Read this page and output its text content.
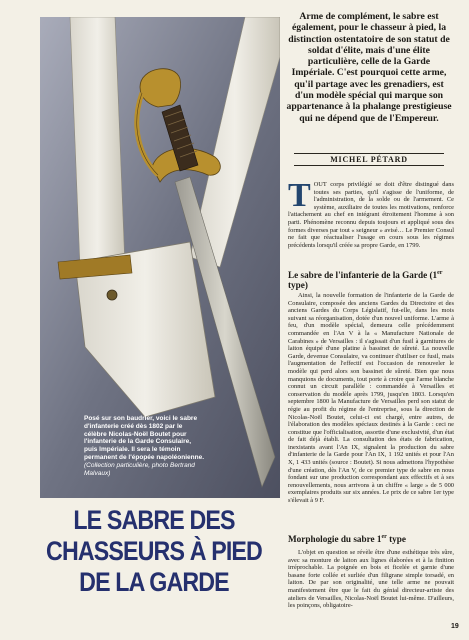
Posé sur son baudrier, voici le sabre d'infanterie créé dès 1802 par le célèbre Nicolas-Noël Boutet pour l'infanterie de la Garde Consulaire, puis Impériale. Il sera le témoin permanent de l'épopée napoléonienne.
(Collection particulière, photo Bertrand Malvaux)
Arme de complément, le sabre est également, pour le chasseur à pied, la distinction ostentatoire de son statut de soldat d'élite, mais d'une élite particulière, celle de la Garde Impériale. C'est pourquoi cette arme, qu'il partage avec les grenadiers, est d'un modèle spécial qui marque son appartenance à la phalange prestigieuse qui ne dépend que de l'Empereur.
MICHEL PÉTARD
TOUT corps privilégié se doit d'être distingué dans toutes ses parties, qu'il s'agisse de l'uniforme, de l'administration, de la solde ou de l'armement. Ce système, auxiliaire de toutes les motivations, renforce l'attachement au chef en intégrant étroitement l'homme à son parti. Phénomène reconnu depuis toujours et appliqué sous des formes diverses par tout « seigneur » avisé… Le Premier Consul ne fait que réactualiser l'usage en cours sous les régimes précédents lorsqu'il créée sa propre Garde, en 1799.
Le sabre de l'infanterie de la Garde (1er type)

Ainsi, la nouvelle formation de l'infanterie de la Garde de Consulaire, composée des anciens Gardes du Directoire et des anciens Gardes du Corps Législatif, fut-elle, dans les mois suivant sa réorganisation, dotée d'un nouvel uniforme. L'arme à feu, d'un modèle spécial, demeura celle précédemment commandée en l'An V à la « Manufacture Nationale de Carabines » de Versailles : il s'agissait d'un fusil à garnitures de laiton équipé d'une platine à bassinet de sûreté. La nouvelle Garde, devenue Consulaire, va continuer d'utiliser ce fusil, mais l'augmentation de l'effectif est l'occasion de renouveler le modèle qui perd alors son bassinet de sûreté. Bien que nous manquions de documents, tout porte à croire que l'arme blanche connut un circuit parallèle : commandée à Versailles et conservation du modèle après 1799, jusqu'en 1803. Lorsqu'en septembre 1800 la Manufacture de Versailles perd son statut de régie au profit du régime de l'entreprise, sous la direction de Nicolas-Noël Boutet, celui-ci est chargé, entre autres, de l'élaboration des modèles spéciaux destinés à la Garde : ceci ne constitue que l'officialisation, assortie d'une exclusivité, d'un état de fait déjà établi. La consultation des états de fabrication, inexistants avant l'An IX, signalent la production du sabre d'infanterie de la Garde pour l'An IX, 1 192 unités et pour l'An X, 1 433 unités (source : Boutet). Si nous admettons l'hypothèse d'une création, dès l'An V, de ce premier type de sabre en nous fondant sur une production correspondant aux effectifs et à ses renouvellements, nous arrivons à un chiffre « large » de 5 000 exemplaires produits sur six années. Le prix de ce sabre 1er type s'élevait à 9 F.

Morphologie du sabre 1er type

L'objet en question se révèle être d'une esthétique très sûre, avec sa monture de laiton aux lignes élaborées et à la finition irréprochable. La poignée en bois et ficelée et garnie d'une basane forte collée et surliée d'un filigrane simple torsadé, en laiton. De par son originalité, une telle arme ne pouvait manifestement être que le fait du génial directeur-artiste des ateliers de Versailles, Nicolas-Noël Boutet lui-même. D'ailleurs, les poinçons, obligatoire-

LE SABRE DES
CHASSEURS À PIED
DE LA GARDE
19
